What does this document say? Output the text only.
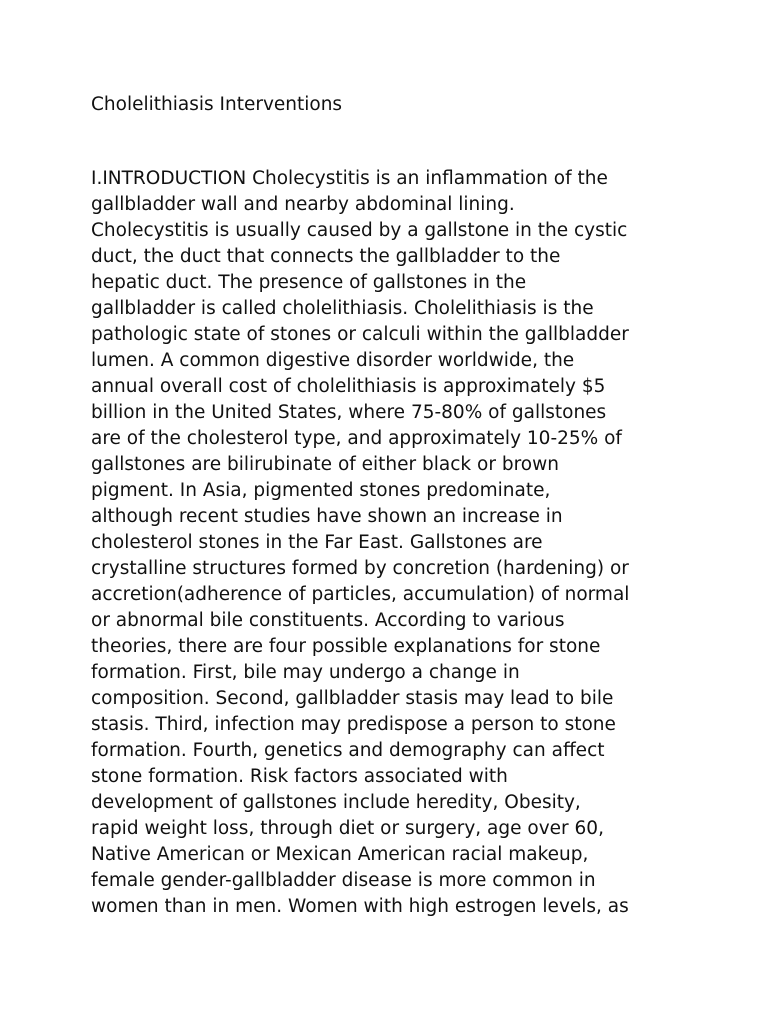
Cholelithiasis Interventions
I.INTRODUCTION Cholecystitis is an inflammation of the
gallbladder wall and nearby abdominal lining.
Cholecystitis is usually caused by a gallstone in the cystic
duct, the duct that connects the gallbladder to the
hepatic duct. The presence of gallstones in the
gallbladder is called cholelithiasis. Cholelithiasis is the
pathologic state of stones or calculi within the gallbladder
lumen. A common digestive disorder worldwide, the
annual overall cost of cholelithiasis is approximately $5
billion in the United States, where 75-80% of gallstones
are of the cholesterol type, and approximately 10-25% of
gallstones are bilirubinate of either black or brown
pigment. In Asia, pigmented stones predominate,
although recent studies have shown an increase in
cholesterol stones in the Far East. Gallstones are
crystalline structures formed by concretion (hardening) or
accretion(adherence of particles, accumulation) of normal
or abnormal bile constituents. According to various
theories, there are four possible explanations for stone
formation. First, bile may undergo a change in
composition. Second, gallbladder stasis may lead to bile
stasis. Third, infection may predispose a person to stone
formation. Fourth, genetics and demography can affect
stone formation. Risk factors associated with
development of gallstones include heredity, Obesity,
rapid weight loss, through diet or surgery, age over 60,
Native American or Mexican American racial makeup,
female gender-gallbladder disease is more common in
women than in men. Women with high estrogen levels, as
